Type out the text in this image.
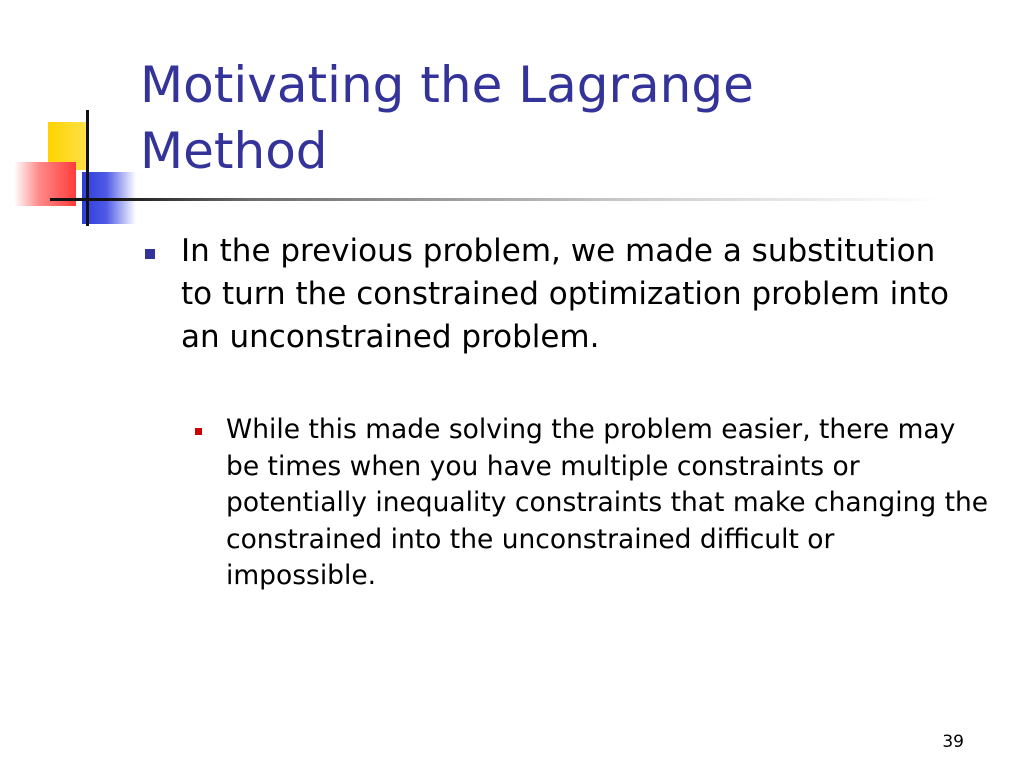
Motivating the Lagrange
Method
In the previous problem, we made a substitution to turn the constrained optimization problem into an unconstrained problem.
While this made solving the problem easier, there may be times when you have multiple constraints or potentially inequality constraints that make changing the constrained into the unconstrained difficult or impossible.
39
